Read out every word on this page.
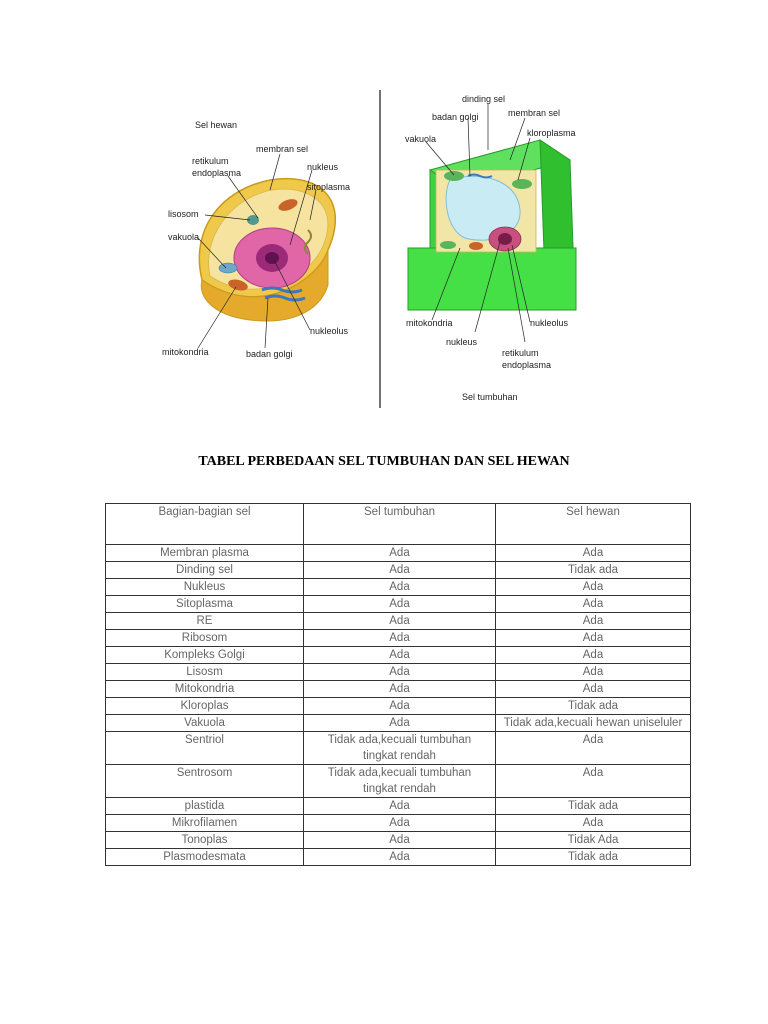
Sel hewan
membran sel
retikulum
endoplasma
nukleus
sitoplasma
lisosom
vakuola
nukleolus
mitokondria	badan golgi
dinding sel
membran sel
badan golgi
kloroplasma
vakuola
mitokondria	nukleolus
nukleus
retikulum
endoplasma
Sel tumbuhan
TABEL PERBEDAAN SEL TUMBUHAN DAN SEL HEWAN
Bagian-bagian sel	Sel tumbuhan	Sel hewan
Membran plasma	Ada	Ada
Dinding sel	Ada	Tidak ada
Nukleus	Ada	Ada
Sitoplasma	Ada	Ada
RE	Ada	Ada
Ribosom	Ada	Ada
Kompleks Golgi	Ada	Ada
Lisosm	Ada	Ada
Mitokondria	Ada	Ada
Kloroplas	Ada	Tidak ada
Vakuola	Ada	Tidak ada,kecuali hewan uniseluler
Sentriol	Tidak ada,kecuali tumbuhan tingkat rendah	Ada
Sentrosom	Tidak ada,kecuali tumbuhan tingkat rendah	Ada
plastida	Ada	Tidak ada
Mikrofilamen	Ada	Ada
Tonoplas	Ada	Tidak Ada
Plasmodesmata	Ada	Tidak ada
